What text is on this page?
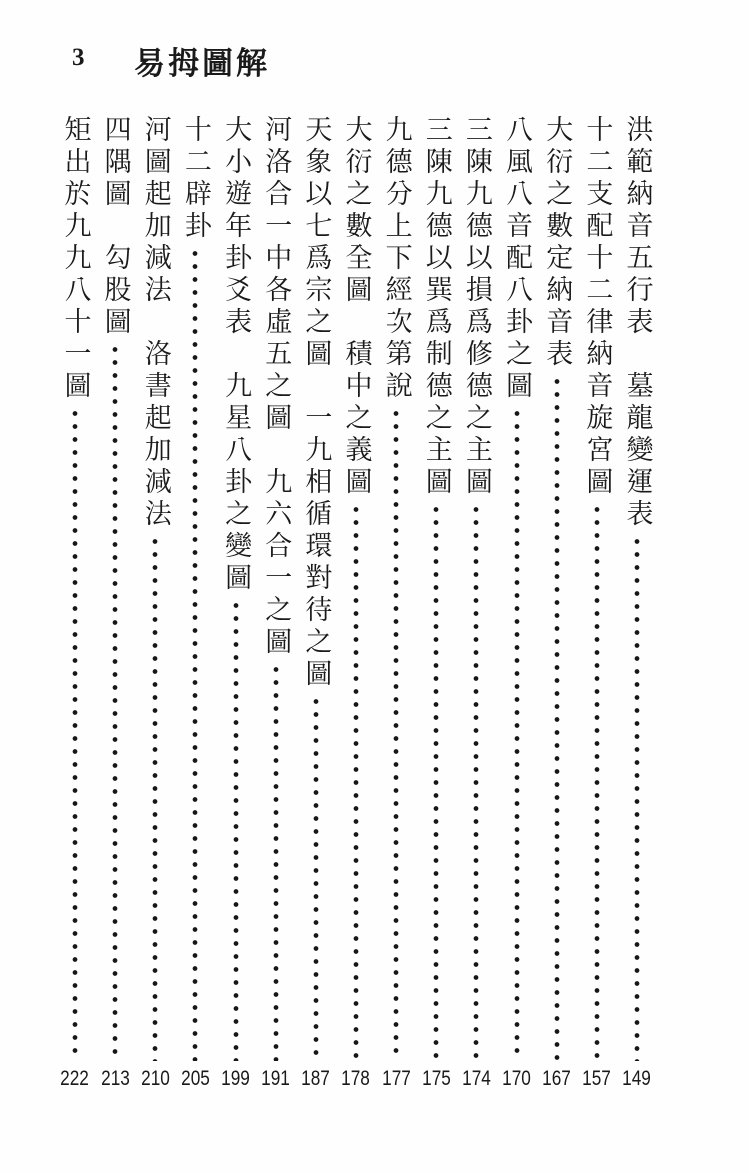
3 易拇圖解
洪範納音五行表　墓龍變運表
149
十二支配十二律納音旋宮圖
157
大衍之數定納音表
167
八風八音配八卦之圖
170
三陳九德以損爲修德之主圖
174
三陳九德以巽爲制德之主圖
175
九德分上下經次第說
177
大衍之數全圖　積中之義圖
178
天象以七爲宗之圖　一九相循環對待之圖
187
河洛合一中各虛五之圖　九六合一之圖
191
大小遊年卦爻表　九星八卦之變圖
199
十二辟卦
205
河圖起加減法　洛書起加減法
210
四隅圖　勾股圖
213
矩出於九九八十一圖
222
